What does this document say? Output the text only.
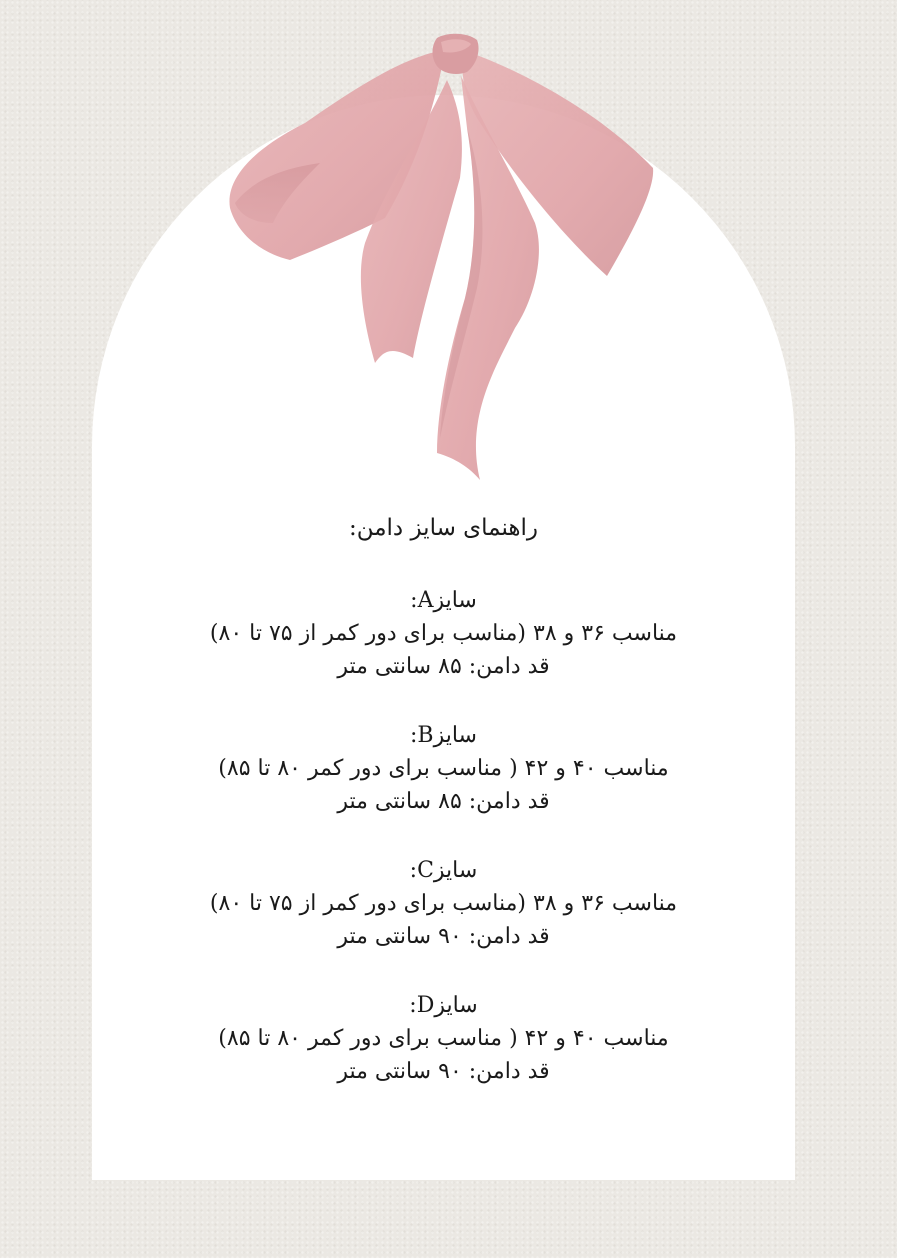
راهنمای سایز دامن:
سایزA:
مناسب ۳۶ و ۳۸ (مناسب برای دور کمر از ۷۵ تا ۸۰)
قد دامن: ۸۵ سانتی متر
سایزB:
مناسب ۴۰ و ۴۲ ( مناسب برای دور کمر ۸۰ تا ۸۵)
قد دامن: ۸۵ سانتی متر
سایزC:
مناسب ۳۶ و ۳۸ (مناسب برای دور کمر از ۷۵ تا ۸۰)
قد دامن: ۹۰ سانتی متر
سایزD:
مناسب ۴۰ و ۴۲ ( مناسب برای دور کمر ۸۰ تا ۸۵)
قد دامن: ۹۰ سانتی متر
